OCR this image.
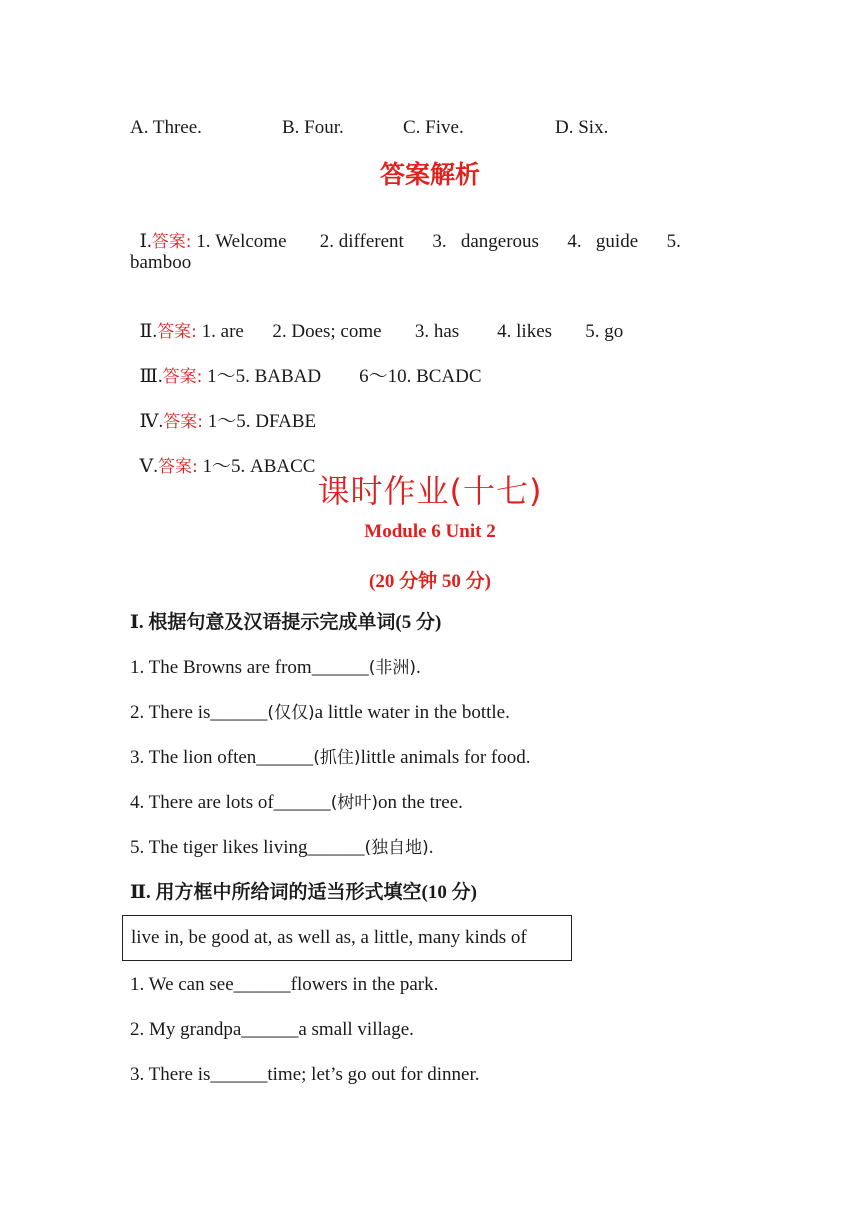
A. Three.	B. Four.	C. Five.	D. Six.
答案解析

Ⅰ.答案: 1. Welcome       2. different      3.   dangerous      4.   guide      5.

bamboo

Ⅱ.答案: 1. are      2. Does; come       3. has        4. likes       5. go

Ⅲ.答案: 1～5. BABAD        6～10. BCADC

Ⅳ.答案: 1～5. DFABE

Ⅴ.答案: 1～5. ABACC

课时作业(十七)
Module 6 Unit 2
(20 分钟 50 分)
Ⅰ. 根据句意及汉语提示完成单词(5 分)
1. The Browns are from______(非洲).
2. There is______(仅仅)a little water in the bottle.
3. The lion often______(抓住)little animals for food.
4. There are lots of______(树叶)on the tree.
5. The tiger likes living______(独自地).
Ⅱ. 用方框中所给词的适当形式填空(10 分)
live in, be good at, as well as, a little, many kinds of
1. We can see______flowers in the park.
2. My grandpa______a small village.
3. There is______time; let’s go out for dinner.
